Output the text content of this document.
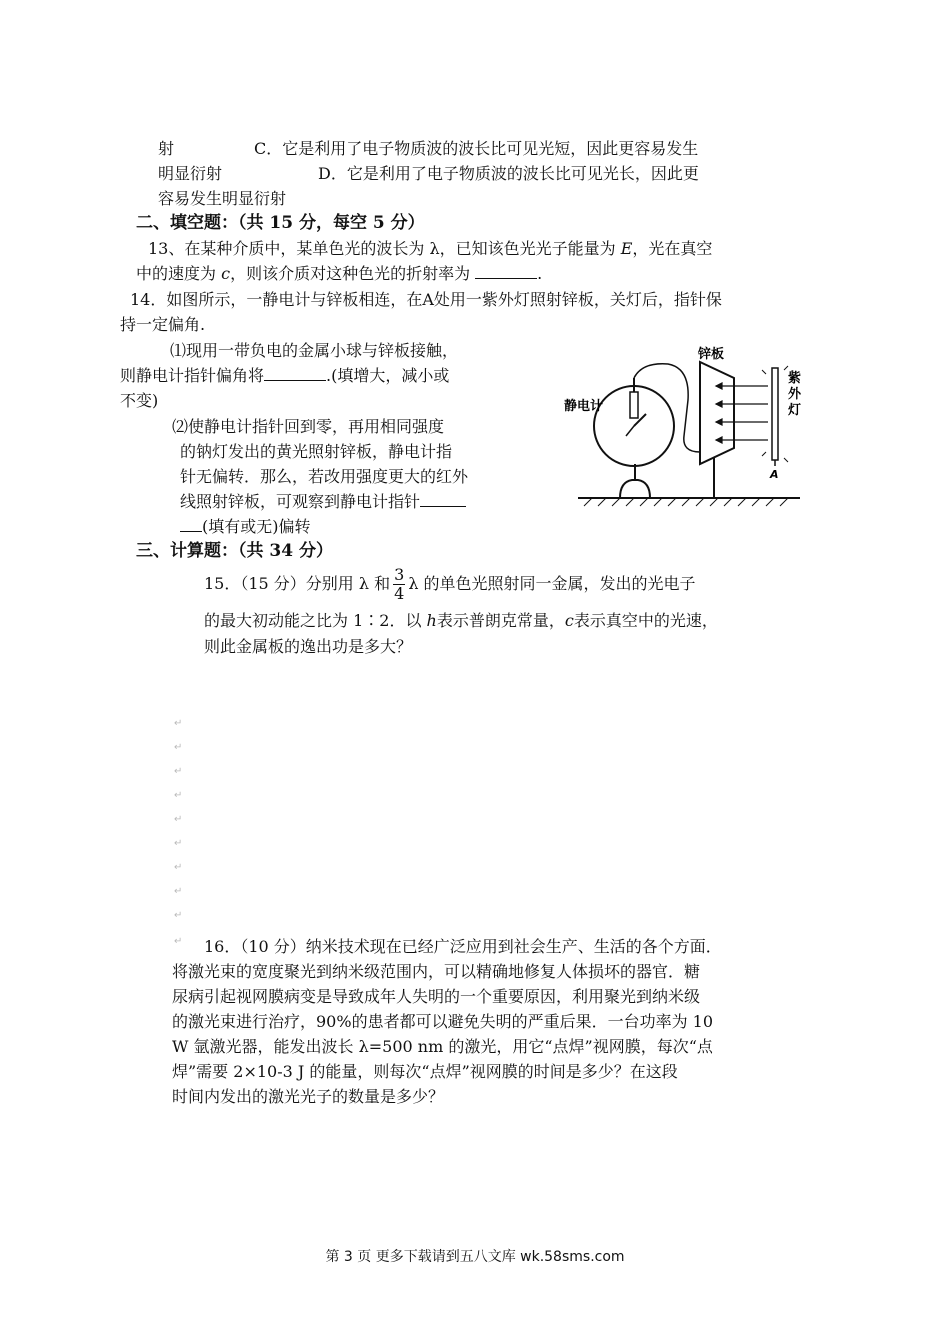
射　　　　　C．它是利用了电子物质波的波长比可见光短，因此更容易发生
明显衍射　　　　　　D．它是利用了电子物质波的波长比可见光长，因此更
容易发生明显衍射
二、填空题：（共 15 分，每空 5 分）
13、在某种介质中，某单色光的波长为 λ，已知该色光光子能量为 E，光在真空
中的速度为 c，则该介质对这种色光的折射率为	.
14．如图所示，一静电计与锌板相连，在A处用一紫外灯照射锌板，关灯后，指针保
持一定偏角.
⑴现用一带负电的金属小球与锌板接触，
则静电计指针偏角将	.(填增大，减小或
不变)
⑵使静电计指针回到零，再用相同强度
的钠灯发出的黄光照射锌板，静电计指
针无偏转．那么，若改用强度更大的红外
线照射锌板，可观察到静电计指针
(填有或无)偏转
锌板
静电计
紫
外
灯
A
三、计算题：（共 34 分）
15．（15 分）分别用 λ 和 $\frac{3}{4}$ λ 的单色光照射同一金属，发出的光电子
的最大初动能之比为 1∶2．以 h表示普朗克常量，c表示真空中的光速，
则此金属板的逸出功是多大？
↵
↵
↵
↵
↵
↵
↵
↵
↵
↵ 16．（10 分）纳米技术现在已经广泛应用到社会生产、生活的各个方面．
将激光束的宽度聚光到纳米级范围内，可以精确地修复人体损坏的器官．糖
尿病引起视网膜病变是导致成年人失明的一个重要原因，利用聚光到纳米级
的激光束进行治疗，90%的患者都可以避免失明的严重后果．一台功率为 10
W 氩激光器，能发出波长 λ=500 nm 的激光，用它“点焊”视网膜，每次“点
焊”需要 2×10-3 J 的能量，则每次“点焊”视网膜的时间是多少？在这段
时间内发出的激光光子的数量是多少？
第 3 页 更多下载请到五八文库 wk.58sms.com
